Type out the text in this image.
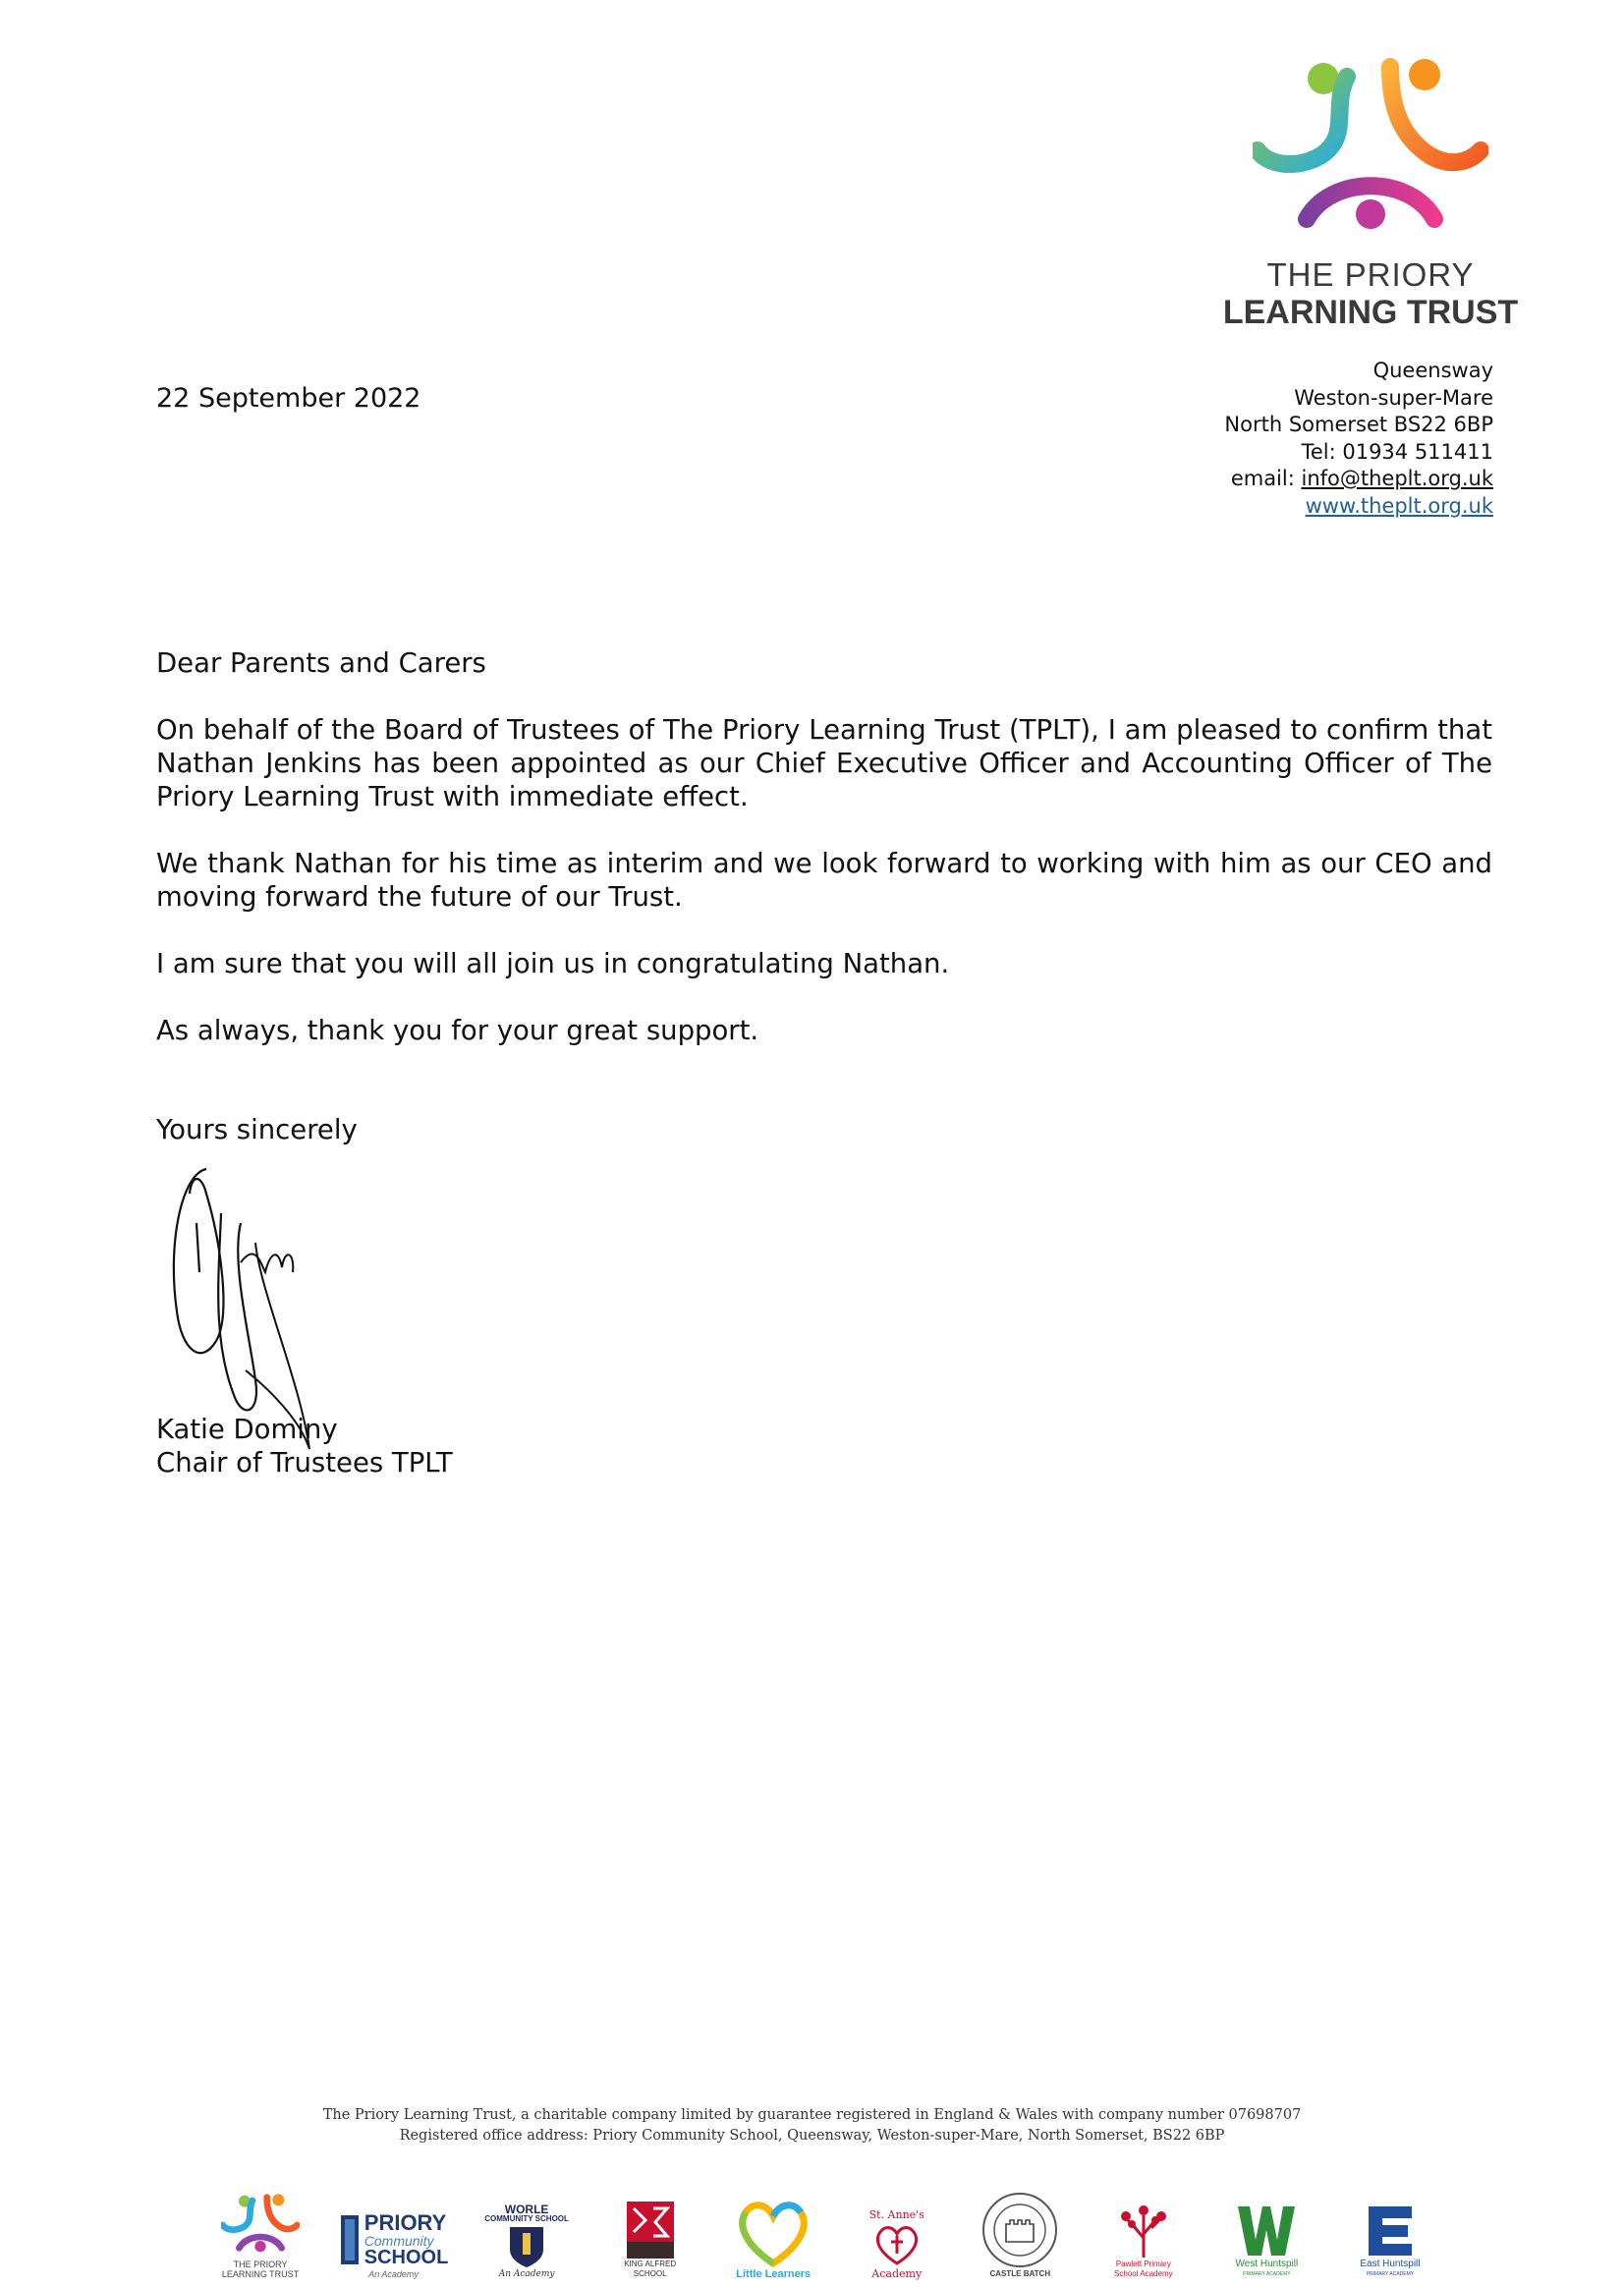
THE PRIORY
LEARNING TRUST
Queensway
Weston-super-Mare
North Somerset BS22 6BP
Tel: 01934 511411
email: info@theplt.org.uk
www.theplt.org.uk
22 September 2022

Dear Parents and Carers

On behalf of the Board of Trustees of The Priory Learning Trust (TPLT), I am pleased to confirm that Nathan Jenkins has been appointed as our Chief Executive Officer and Accounting Officer of The Priory Learning Trust with immediate effect.

We thank Nathan for his time as interim and we look forward to working with him as our CEO and moving forward the future of our Trust.

I am sure that you will all join us in congratulating Nathan.

As always, thank you for your great support.

Yours sincerely

Katie Dominy
Chair of Trustees TPLT
The Priory Learning Trust, a charitable company limited by guarantee registered in England & Wales with company number 07698707
Registered office address: Priory Community School, Queensway, Weston-super-Mare, North Somerset, BS22 6BP
THE PRIORY LEARNING TRUST
PRIORY
Community
SCHOOL
An Academy
WORLE
COMMUNITY SCHOOL
An Academy
KING ALFRED SCHOOL	Little Learners
St. Anne's
Academy	CASTLE BATCH
Pawlett Primary School Academy
West Huntspill
PRIMARY ACADEMY
East Huntspill
PRIMARY ACADEMY
